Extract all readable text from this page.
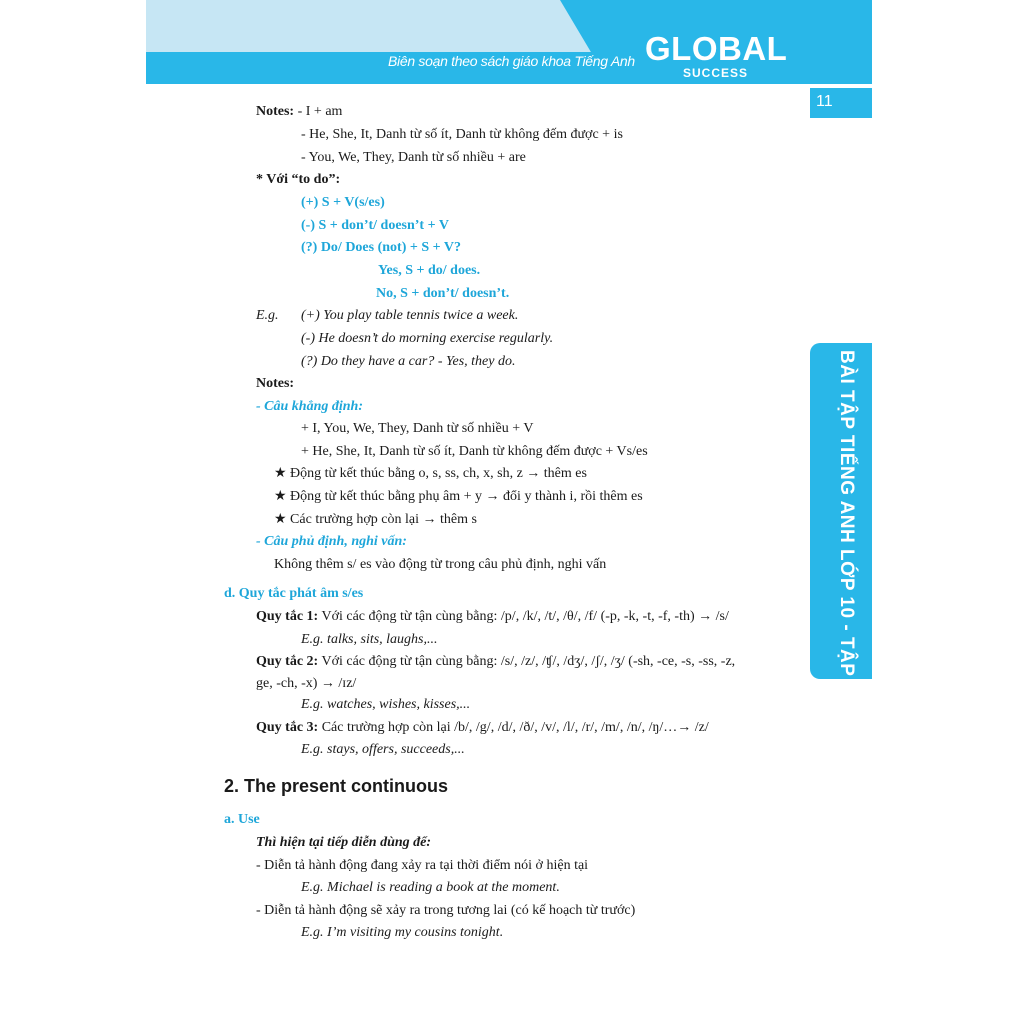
Biên soạn theo sách giáo khoa Tiếng Anh GLOBAL
SUCCESS
11
BÀI TẬP TIẾNG ANH LỚP 10 - TẬP 1
Notes: - I + am
- He, She, It, Danh từ số ít, Danh từ không đếm được + is
- You, We, They, Danh từ số nhiều + are
* Với “to do”:
(+) S + V(s/es)
(-) S + don’t/ doesn’t + V
(?) Do/ Does (not) + S + V?
Yes, S + do/ does.
No, S + don’t/ doesn’t.
E.g. (+) You play table tennis twice a week.
(-) He doesn’t do morning exercise regularly.
(?) Do they have a car? - Yes, they do.
Notes:
- Câu khẳng định:
+ I, You, We, They, Danh từ số nhiều + V
+ He, She, It, Danh từ số ít, Danh từ không đếm được + Vs/es
★ Động từ kết thúc bằng o, s, ss, ch, x, sh, z → thêm es
★ Động từ kết thúc bằng phụ âm + y → đổi y thành i, rồi thêm es
★ Các trường hợp còn lại → thêm s
- Câu phủ định, nghi vấn:
Không thêm s/ es vào động từ trong câu phủ định, nghi vấn
d. Quy tắc phát âm s/es
Quy tắc 1: Với các động từ tận cùng bằng: /p/, /k/, /t/, /θ/, /f/ (-p, -k, -t, -f, -th) → /s/
E.g. talks, sits, laughs,...
Quy tắc 2: Với các động từ tận cùng bằng: /s/, /z/, /ʧ/, /dʒ/, /ʃ/, /ʒ/ (-sh, -ce, -s, -ss, -z,
ge, -ch, -x) → /ɪz/
E.g. watches, wishes, kisses,...
Quy tắc 3: Các trường hợp còn lại /b/, /g/, /d/, /ð/, /v/, /l/, /r/, /m/, /n/, /ŋ/…→ /z/
E.g. stays, offers, succeeds,...
2. The present continuous
a. Use
Thì hiện tại tiếp diễn dùng để:
- Diễn tả hành động đang xảy ra tại thời điểm nói ở hiện tại
E.g. Michael is reading a book at the moment.
- Diễn tả hành động sẽ xảy ra trong tương lai (có kế hoạch từ trước)
E.g. I’m visiting my cousins tonight.
